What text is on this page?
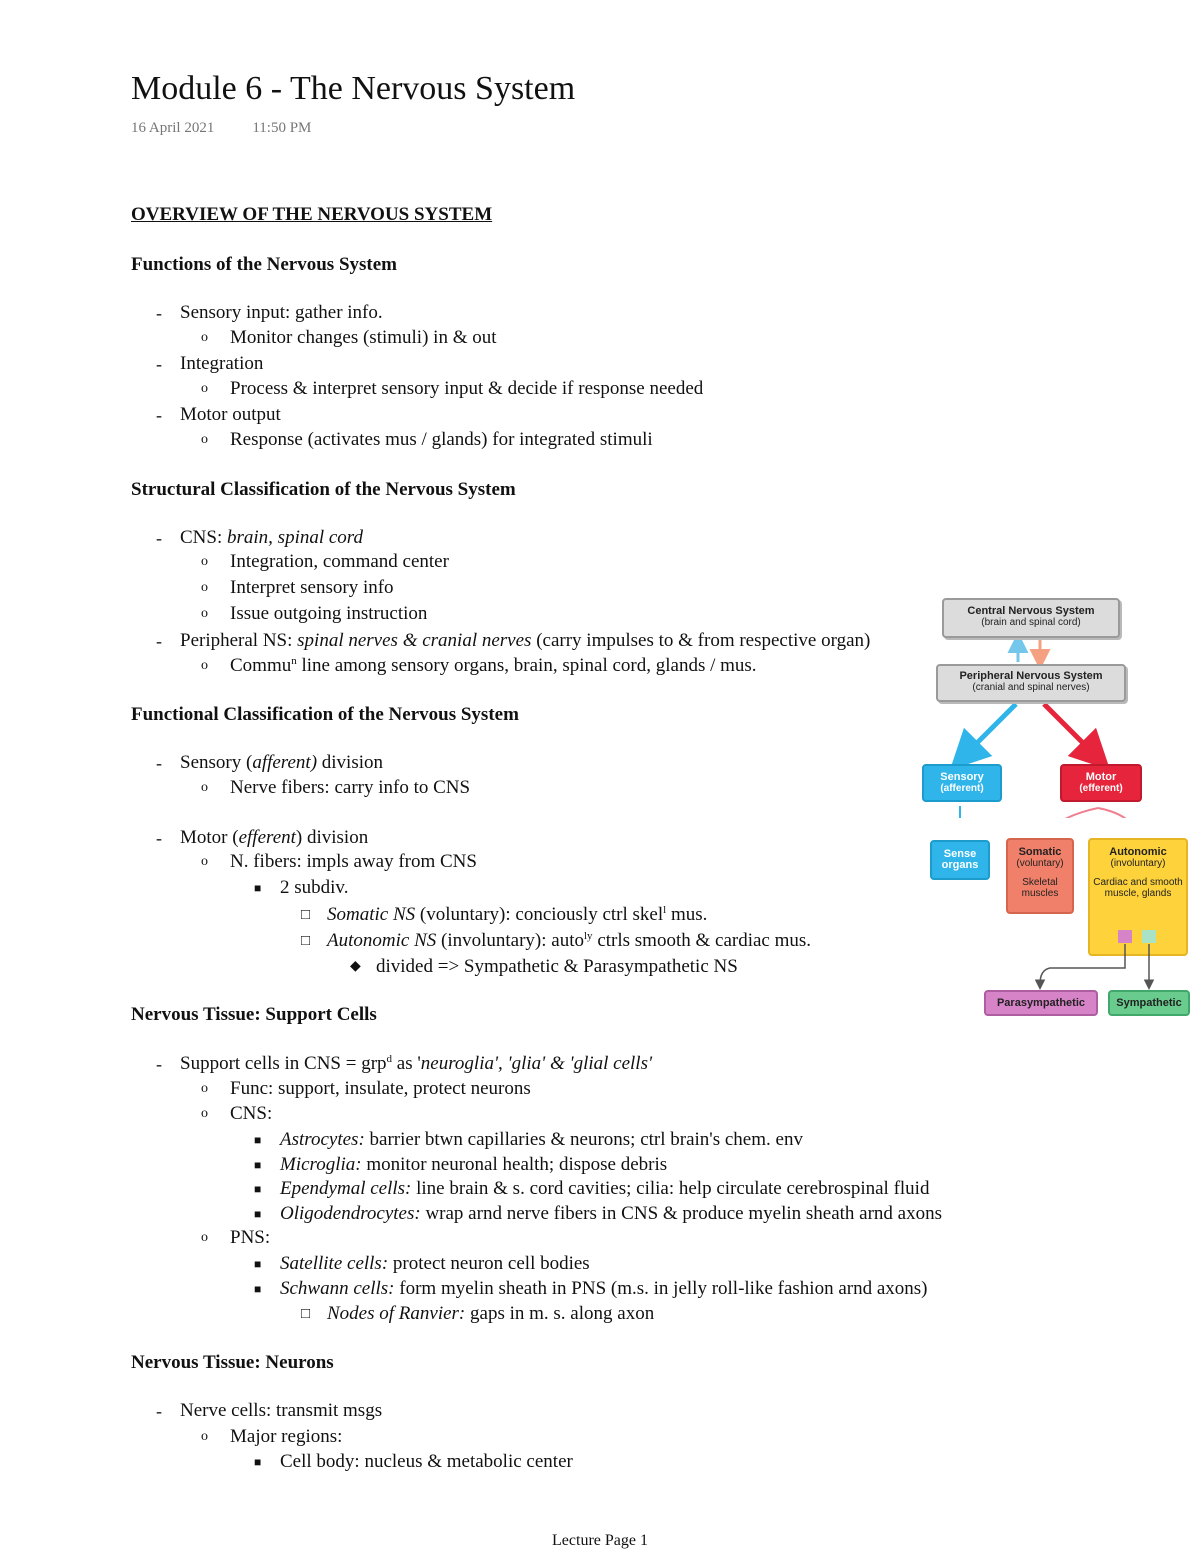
Module 6 - The Nervous System
16 April 2021	11:50 PM
OVERVIEW OF THE NERVOUS SYSTEM
Functions of the Nervous System
- Sensory input: gather info.
o Monitor changes (stimuli) in & out
- Integration
o Process & interpret sensory input & decide if response needed
- Motor output
o Response (activates mus / glands) for integrated stimuli
Structural Classification of the Nervous System
- CNS: brain, spinal cord
o Integration, command center
o Interpret sensory info
o Issue outgoing instruction
- Peripheral NS: spinal nerves & cranial nerves (carry impulses to & from respective organ)
o Commu$^n$ line among sensory organs, brain, spinal cord, glands / mus.
Functional Classification of the Nervous System
- Sensory (afferent) division
o Nerve fibers: carry info to CNS
- Motor (efferent) division
o N. fibers: impls away from CNS
■ 2 subdiv.
□ Somatic NS (voluntary): conciously ctrl skel$^l$ mus.
□ Autonomic NS (involuntary): auto$^{ly}$ ctrls smooth & cardiac mus.
◆ divided => Sympathetic & Parasympathetic NS
Nervous Tissue: Support Cells
- Support cells in CNS = grp$^d$ as 'neuroglia', 'glia' & 'glial cells'
o Func: support, insulate, protect neurons
o CNS:
■ Astrocytes: barrier btwn capillaries & neurons; ctrl brain's chem. env
■ Microglia: monitor neuronal health; dispose debris
■ Ependymal cells: line brain & s. cord cavities; cilia: help circulate cerebrospinal fluid
■ Oligodendrocytes: wrap arnd nerve fibers in CNS & produce myelin sheath arnd axons
o PNS:
■ Satellite cells: protect neuron cell bodies
■ Schwann cells: form myelin sheath in PNS (m.s. in jelly roll-like fashion arnd axons)
□ Nodes of Ranvier: gaps in m. s. along axon
Nervous Tissue: Neurons
- Nerve cells: transmit msgs
o Major regions:
■ Cell body: nucleus & metabolic center
Central Nervous System
(brain and spinal cord)
Peripheral Nervous System
(cranial and spinal nerves)
Sensory
(afferent)
Motor
(efferent)
Sense
organs
Somatic
(voluntary)
Skeletal muscles
Autonomic
(involuntary)
Cardiac and smooth muscle, glands
Parasympathetic	Sympathetic
Lecture Page 1
